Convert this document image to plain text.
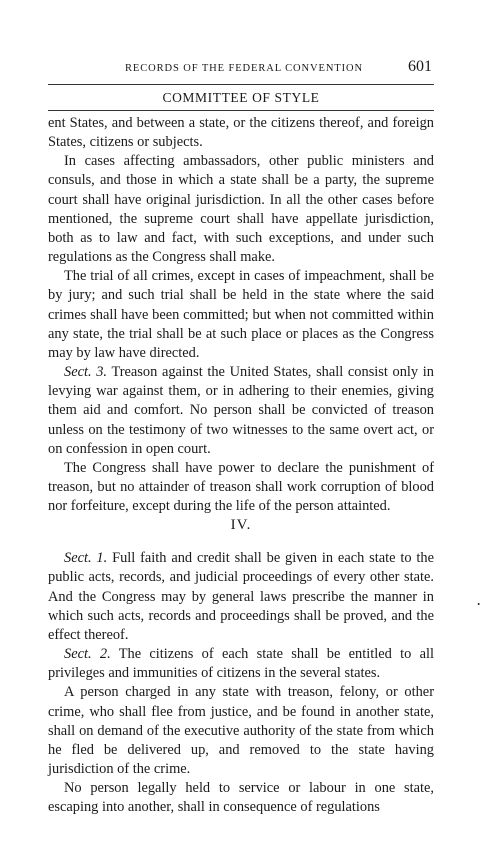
RECORDS OF THE FEDERAL CONVENTION	601
COMMITTEE OF STYLE

ent States, and between a state, or the citizens thereof, and foreign States, citizens or subjects.

In cases affecting ambassadors, other public ministers and consuls, and those in which a state shall be a party, the supreme court shall have original jurisdiction. In all the other cases before mentioned, the supreme court shall have appellate jurisdiction, both as to law and fact, with such exceptions, and under such regulations as the Congress shall make.

The trial of all crimes, except in cases of impeachment, shall be by jury; and such trial shall be held in the state where the said crimes shall have been committed; but when not committed within any state, the trial shall be at such place or places as the Congress may by law have directed.

Sect. 3. Treason against the United States, shall consist only in levying war against them, or in adhering to their enemies, giving them aid and comfort. No person shall be convicted of treason unless on the testimony of two witnesses to the same overt act, or on confession in open court.

The Congress shall have power to declare the punishment of treason, but no attainder of treason shall work corruption of blood nor forfeiture, except during the life of the person attainted.

IV.

Sect. 1. Full faith and credit shall be given in each state to the public acts, records, and judicial proceedings of every other state. And the Congress may by general laws prescribe the manner in which such acts, records and proceedings shall be proved, and the effect thereof.

Sect. 2. The citizens of each state shall be entitled to all privileges and immunities of citizens in the several states.

A person charged in any state with treason, felony, or other crime, who shall flee from justice, and be found in another state, shall on demand of the executive authority of the state from which he fled be delivered up, and removed to the state having jurisdiction of the crime.

No person legally held to service or labour in one state, escaping into another, shall in consequence of regulations

•
